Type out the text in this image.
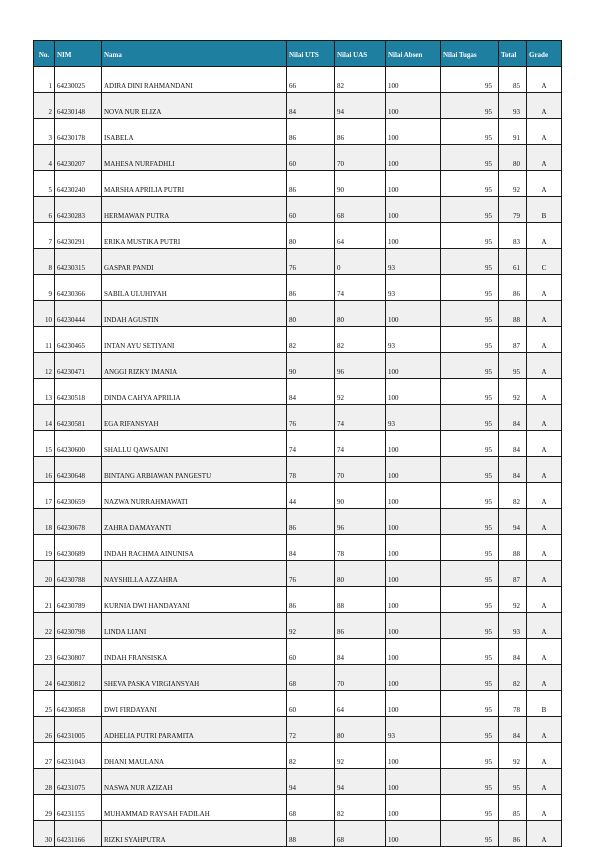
No.	NIM	Nama	Nilai UTS	Nilai UAS	Nilai Absen	Nilai Tugas	Total	Grade
1	64230025	ADIRA DINI RAHMANDANI	66	82	100	95	85	A
2	64230148	NOVA NUR ELIZA	84	94	100	95	93	A
3	64230178	ISABELA	86	86	100	95	91	A
4	64230207	MAHESA NURFADHLI	60	70	100	95	80	A
5	64230240	MARSHA APRILIA PUTRI	86	90	100	95	92	A
6	64230283	HERMAWAN PUTRA	60	68	100	95	79	B
7	64230291	ERIKA MUSTIKA PUTRI	80	64	100	95	83	A
8	64230315	GASPAR PANDI	76	0	93	95	61	C
9	64230366	SABILA ULUHIYAH	86	74	93	95	86	A
10	64230444	INDAH AGUSTIN	80	80	100	95	88	A
11	64230465	INTAN AYU SETIYANI	82	82	93	95	87	A
12	64230471	ANGGI RIZKY IMANIA	90	96	100	95	95	A
13	64230518	DINDA CAHYA APRILIA	84	92	100	95	92	A
14	64230581	EGA RIFANSYAH	76	74	93	95	84	A
15	64230600	SHALLU QAWSAINI	74	74	100	95	84	A
16	64230648	BINTANG ARBIAWAN PANGESTU	78	70	100	95	84	A
17	64230659	NAZWA NURRAHMAWATI	44	90	100	95	82	A
18	64230678	ZAHRA DAMAYANTI	86	96	100	95	94	A
19	64230689	INDAH RACHMA AINUNISA	84	78	100	95	88	A
20	64230788	NAYSHILLA AZZAHRA	76	80	100	95	87	A
21	64230789	KURNIA DWI HANDAYANI	86	88	100	95	92	A
22	64230798	LINDA LIANI	92	86	100	95	93	A
23	64230807	INDAH FRANSISKA	60	84	100	95	84	A
24	64230812	SHEVA PASKA VIRGIANSYAH	68	70	100	95	82	A
25	64230858	DWI FIRDAYANI	60	64	100	95	78	B
26	64231005	ADHELIA PUTRI PARAMITA	72	80	93	95	84	A
27	64231043	DHANI MAULANA	82	92	100	95	92	A
28	64231075	NASWA NUR AZIZAH	94	94	100	95	95	A
29	64231155	MUHAMMAD RAYSAH FADILAH	68	82	100	95	85	A
30	64231166	RIZKI SYAHPUTRA	88	68	100	95	86	A
